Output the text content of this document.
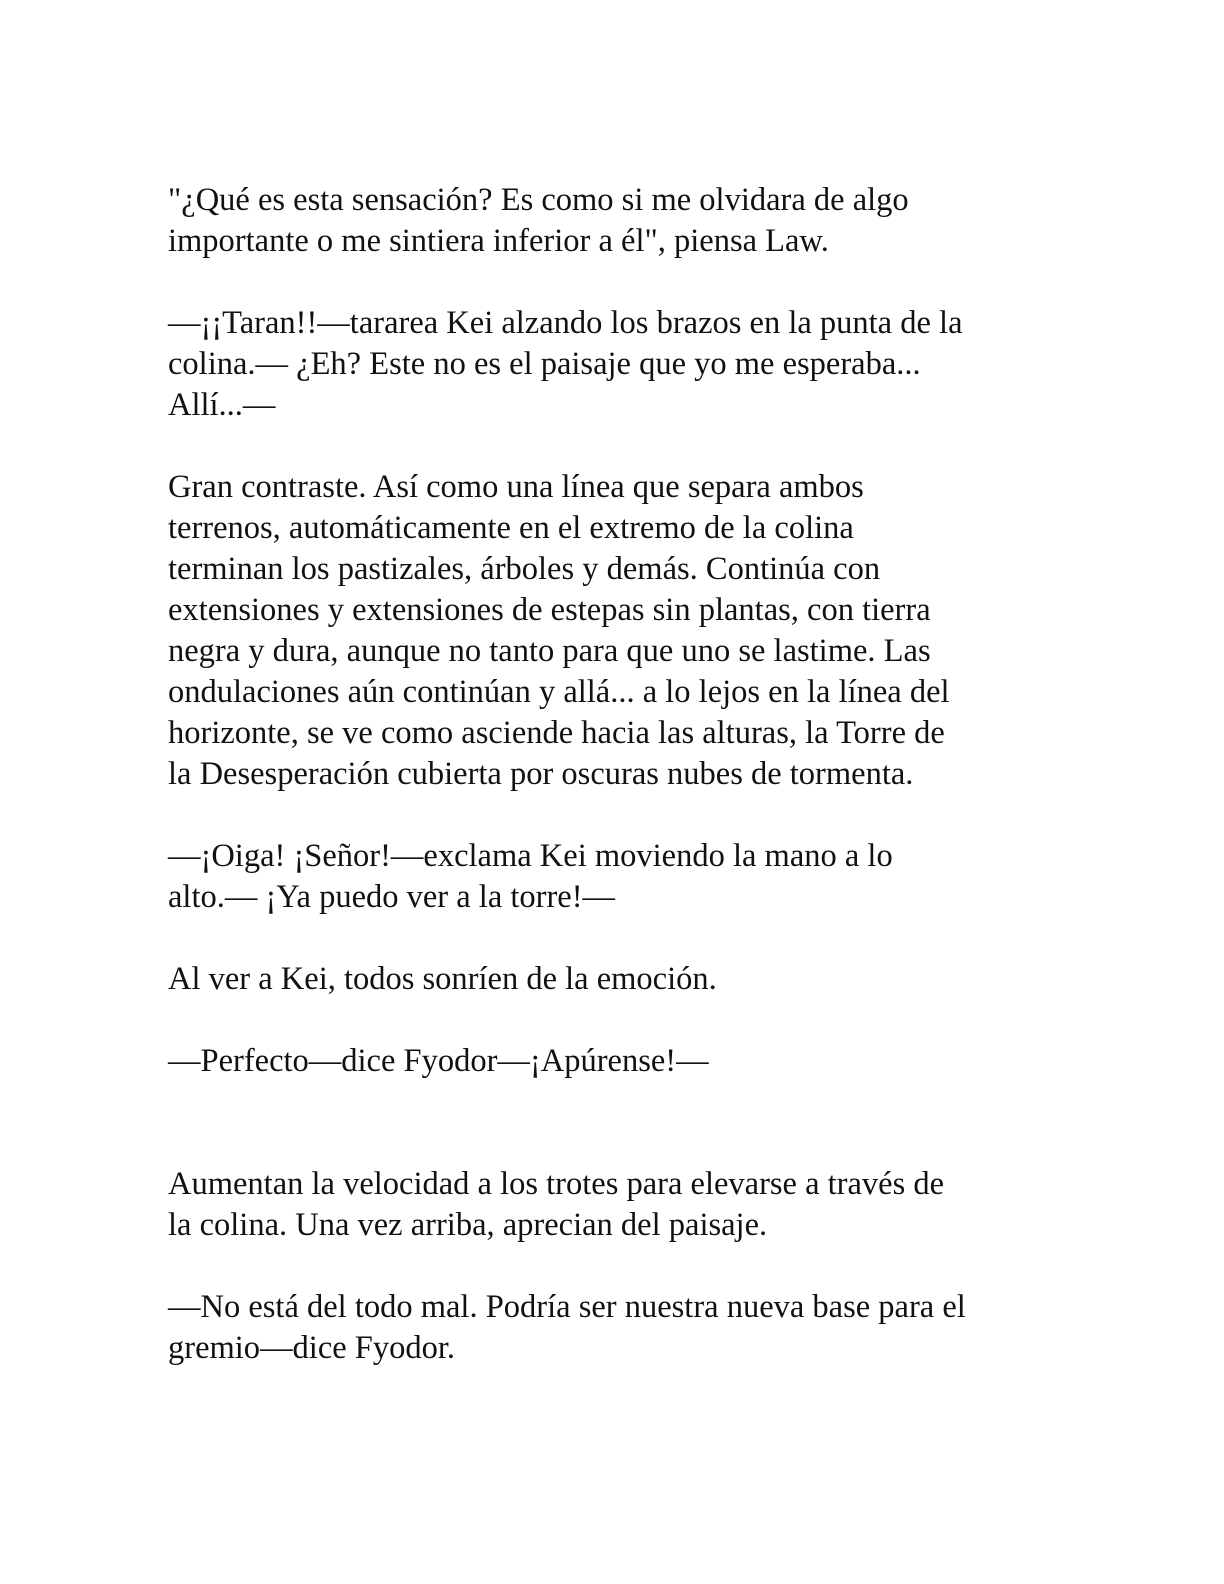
"¿Qué es esta sensación? Es como si me olvidara de algo
importante o me sintiera inferior a él", piensa Law.

—¡¡Taran!!—tararea Kei alzando los brazos en la punta de la
colina.— ¿Eh? Este no es el paisaje que yo me esperaba...
Allí...—

Gran contraste. Así como una línea que separa ambos
terrenos, automáticamente en el extremo de la colina
terminan los pastizales, árboles y demás. Continúa con
extensiones y extensiones de estepas sin plantas, con tierra
negra y dura, aunque no tanto para que uno se lastime. Las
ondulaciones aún continúan y allá... a lo lejos en la línea del
horizonte, se ve como asciende hacia las alturas, la Torre de
la Desesperación cubierta por oscuras nubes de tormenta.

—¡Oiga! ¡Señor!—exclama Kei moviendo la mano a lo
alto.— ¡Ya puedo ver a la torre!—

Al ver a Kei, todos sonríen de la emoción.

—Perfecto—dice Fyodor—¡Apúrense!—

Aumentan la velocidad a los trotes para elevarse a través de
la colina. Una vez arriba, aprecian del paisaje.

—No está del todo mal. Podría ser nuestra nueva base para el
gremio—dice Fyodor.
